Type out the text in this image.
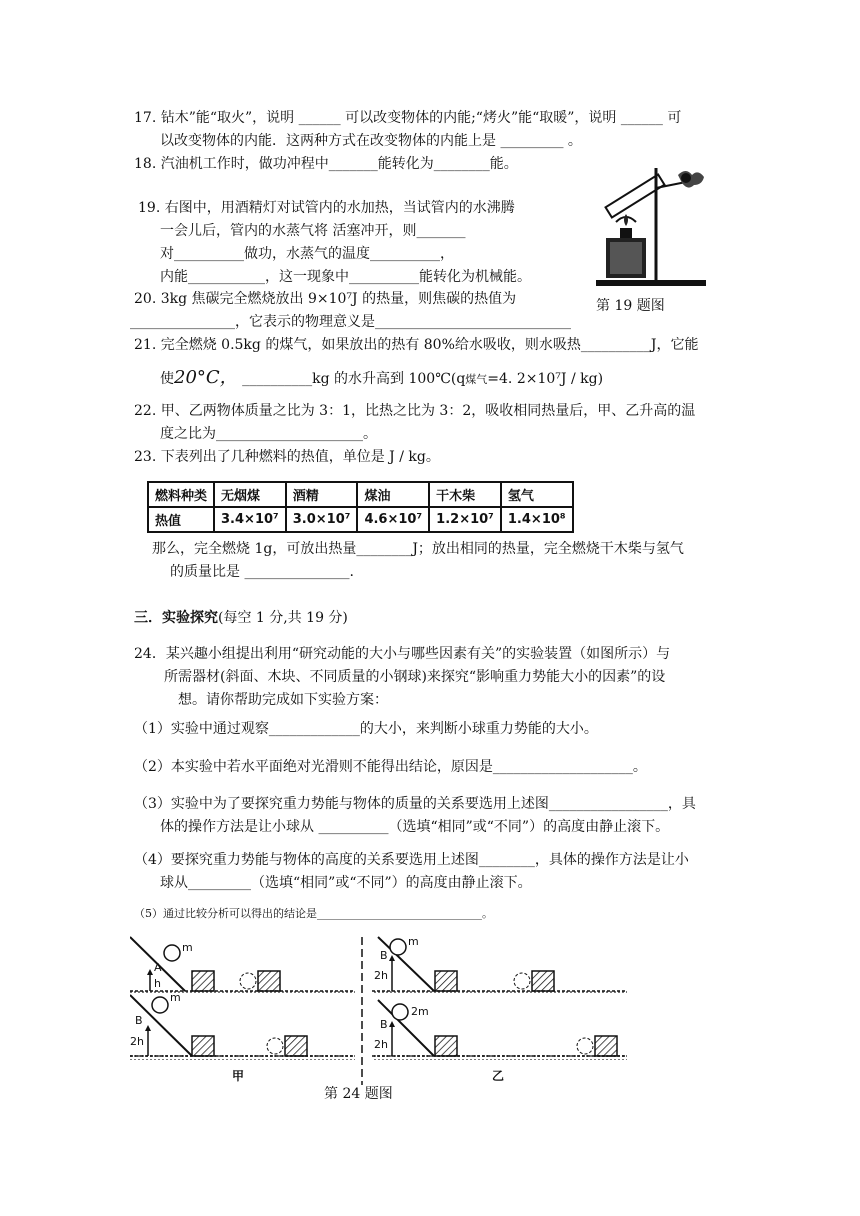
17. 钻木”能“取火”，说明 ______ 可以改变物体的内能;“烤火”能“取暖”，说明 ______ 可
以改变物体的内能．这两种方式在改变物体的内能上是 _________ 。
18. 汽油机工作时，做功冲程中_______能转化为________能。
19. 右图中，用酒精灯对试管内的水加热，当试管内的水沸腾
一会儿后，管内的水蒸气将 活塞冲开，则_______
对__________做功，水蒸气的温度__________，
内能___________，这一现象中__________能转化为机械能。
第 19 题图
20. 3kg 焦碳完全燃烧放出 9×10⁷J 的热量，则焦碳的热值为
_______________，它表示的物理意义是____________________________
21. 完全燃烧 0.5kg 的煤气，如果放出的热有 80%给水吸收，则水吸热__________J，它能
使20°C， __________kg 的水升高到 100℃(q煤气=4. 2×10⁷J / kg)
22. 甲、乙两物体质量之比为 3：1，比热之比为 3：2，吸收相同热量后，甲、乙升高的温
度之比为_____________________。
23. 下表列出了几种燃料的热值，单位是 J / kg。
燃料种类	无烟煤	酒精	煤油	干木柴	氢气
热值	3.4×10⁷	3.0×10⁷	4.6×10⁷	1.2×10⁷	1.4×10⁸
那么，完全燃烧 1g，可放出热量________J；放出相同的热量，完全燃烧干木柴与氢气
的质量比是 _______________.
三．实验探究(每空 1 分,共 19 分)
24．某兴趣小组提出利用“研究动能的大小与哪些因素有关”的实验装置（如图所示）与
所需器材(斜面、木块、不同质量的小钢球)来探究“影响重力势能大小的因素”的设
想。请你帮助完成如下实验方案：
（1）实验中通过观察_____________的大小，来判断小球重力势能的大小。
（2）本实验中若水平面绝对光滑则不能得出结论，原因是____________________。
（3）实验中为了要探究重力势能与物体的质量的关系要选用上述图_________________，具
体的操作方法是让小球从 __________（选填“相同”或“不同”）的高度由静止滚下。
（4）要探究重力势能与物体的高度的关系要选用上述图________，具体的操作方法是让小
球从_________（选填“相同”或“不同”）的高度由静止滚下。
（5）通过比较分析可以得出的结论是______________________________。
m
A
h
m
B
2h
m
B
2h
2m
B
2h
甲	乙
第 24 题图
